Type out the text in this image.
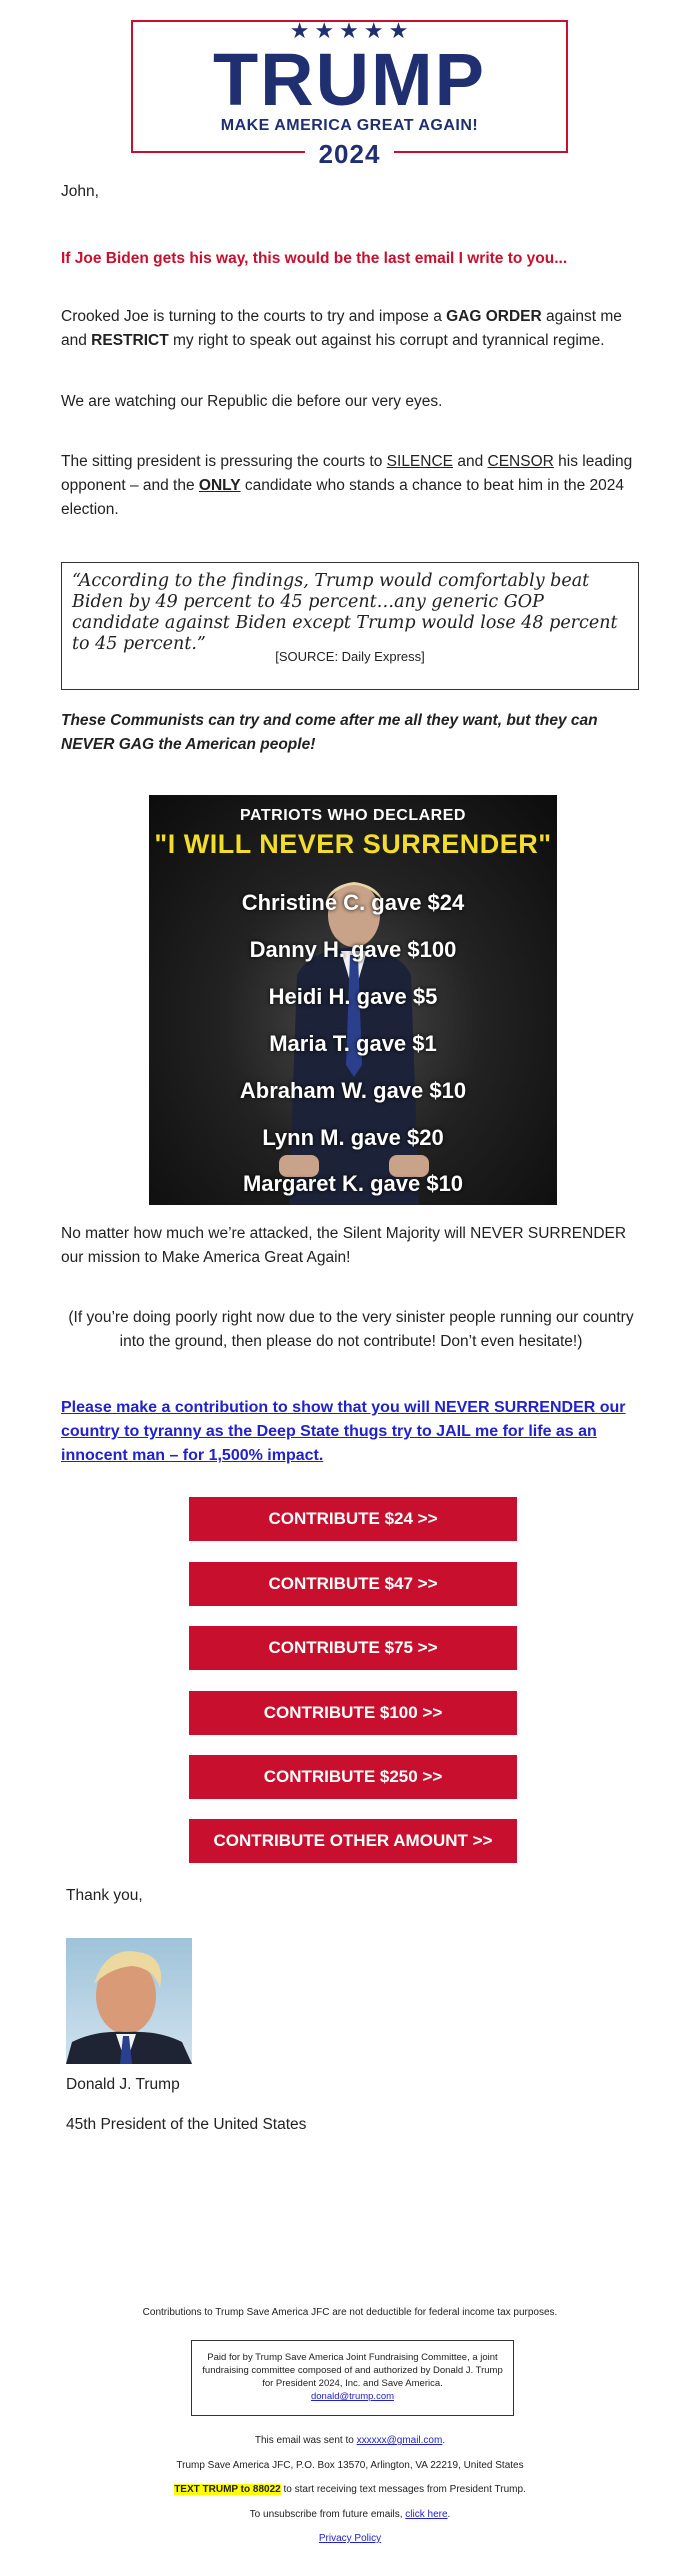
★★★★★
TRUMP
MAKE AMERICA GREAT AGAIN!
2024
John,
If Joe Biden gets his way, this would be the last email I write to you...
Crooked Joe is turning to the courts to try and impose a GAG ORDER against me and RESTRICT my right to speak out against his corrupt and tyrannical regime.
We are watching our Republic die before our very eyes.
The sitting president is pressuring the courts to SILENCE and CENSOR his leading opponent – and the ONLY candidate who stands a chance to beat him in the 2024 election.
“According to the findings, Trump would comfortably beat Biden by 49 percent to 45 percent…any generic GOP candidate against Biden except Trump would lose 48 percent to 45 percent.”
[SOURCE: Daily Express]
These Communists can try and come after me all they want, but they can NEVER GAG the American people!
PATRIOTS WHO DECLARED
"I WILL NEVER SURRENDER"
Christine C. gave $24
Danny H. gave $100
Heidi H. gave $5
Maria T. gave $1
Abraham W. gave $10
Lynn M. gave $20
Margaret K. gave $10
No matter how much we’re attacked, the Silent Majority will NEVER SURRENDER our mission to Make America Great Again!
(If you’re doing poorly right now due to the very sinister people running our country into the ground, then please do not contribute! Don’t even hesitate!)
Please make a contribution to show that you will NEVER SURRENDER our country to tyranny as the Deep State thugs try to JAIL me for life as an innocent man – for 1,500% impact.
CONTRIBUTE $24 >>
CONTRIBUTE $47 >>
CONTRIBUTE $75 >>
CONTRIBUTE $100 >>
CONTRIBUTE $250 >>
CONTRIBUTE OTHER AMOUNT >>
Thank you,
Donald J. Trump
45th President of the United States
Contributions to Trump Save America JFC are not deductible for federal income tax purposes.
Paid for by Trump Save America Joint Fundraising Committee, a joint fundraising committee composed of and authorized by Donald J. Trump for President 2024, Inc. and Save America.
donald@trump.com
This email was sent to xxxxxx@gmail.com.
Trump Save America JFC, P.O. Box 13570, Arlington, VA 22219, United States
TEXT TRUMP to 88022 to start receiving text messages from President Trump.
To unsubscribe from future emails, click here.
Privacy Policy
